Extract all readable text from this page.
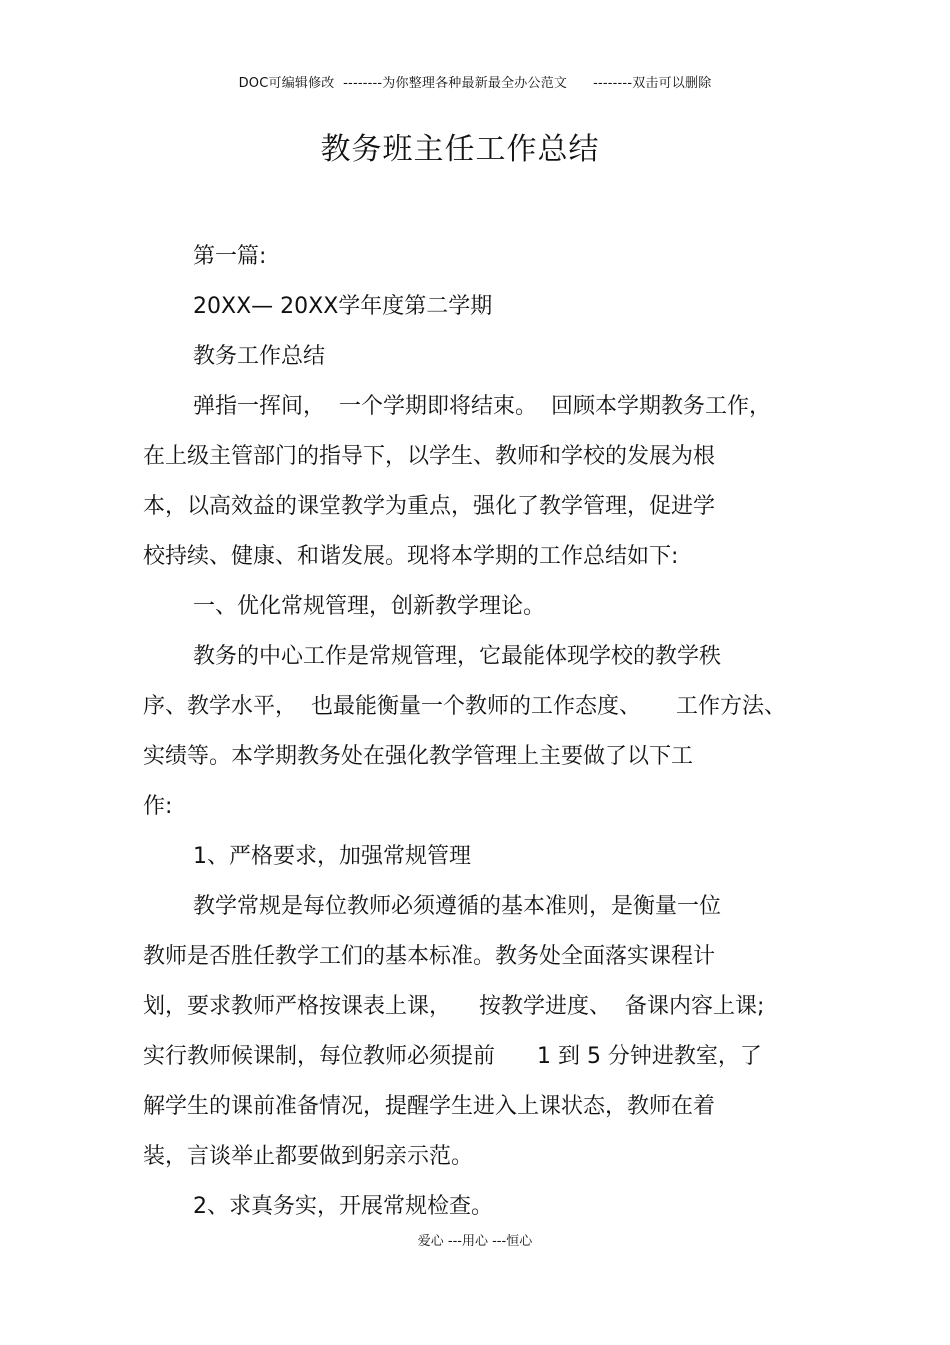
DOC可编辑修改  --------为你整理各种最新最全办公范文      --------双击可以删除
教务班主任工作总结
第一篇:
20XX— 20XX学年度第二学期
教务工作总结
弹指一挥间，  一个学期即将结束。  回顾本学期教务工作，
在上级主管部门的指导下，以学生、教师和学校的发展为根
本，以高效益的课堂教学为重点，强化了教学管理，促进学
校持续、健康、和谐发展。现将本学期的工作总结如下:
一、优化常规管理，创新教学理论。
教务的中心工作是常规管理，它最能体现学校的教学秩
序、教学水平，  也最能衡量一个教师的工作态度、     工作方法、
实绩等。本学期教务处在强化教学管理上主要做了以下工
作:
1、严格要求，加强常规管理
教学常规是每位教师必须遵循的基本准则，是衡量一位
教师是否胜任教学工们的基本标准。教务处全面落实课程计
划，要求教师严格按课表上课，    按教学进度、  备课内容上课;
实行教师候课制，每位教师必须提前      1 到 5 分钟进教室，了
解学生的课前准备情况，提醒学生进入上课状态，教师在着
装，言谈举止都要做到躬亲示范。
2、求真务实，开展常规检查。
爱心 ---用心 ---恒心
